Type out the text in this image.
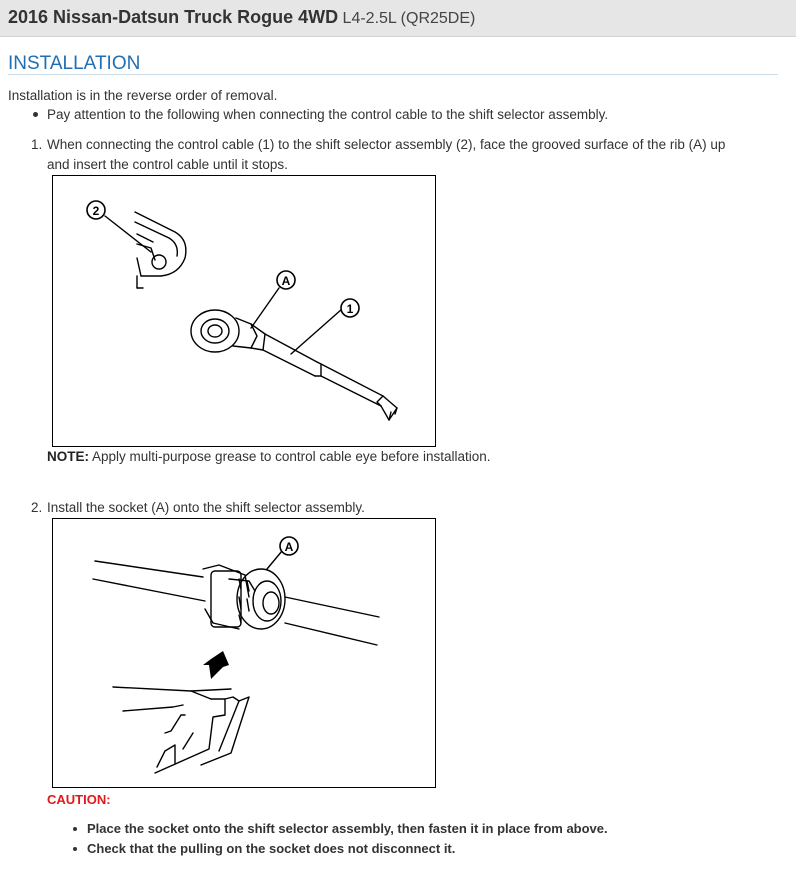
2016 Nissan-Datsun Truck Rogue 4WD L4-2.5L (QR25DE)
INSTALLATION
Installation is in the reverse order of removal.
Pay attention to the following when connecting the control cable to the shift selector assembly.
1. When connecting the control cable (1) to the shift selector assembly (2), face the grooved surface of the rib (A) up
and insert the control cable until it stops.
2
A
1
NOTE: Apply multi-purpose grease to control cable eye before installation.
2. Install the socket (A) onto the shift selector assembly.
A
CAUTION:
Place the socket onto the shift selector assembly, then fasten it in place from above.
Check that the pulling on the socket does not disconnect it.
